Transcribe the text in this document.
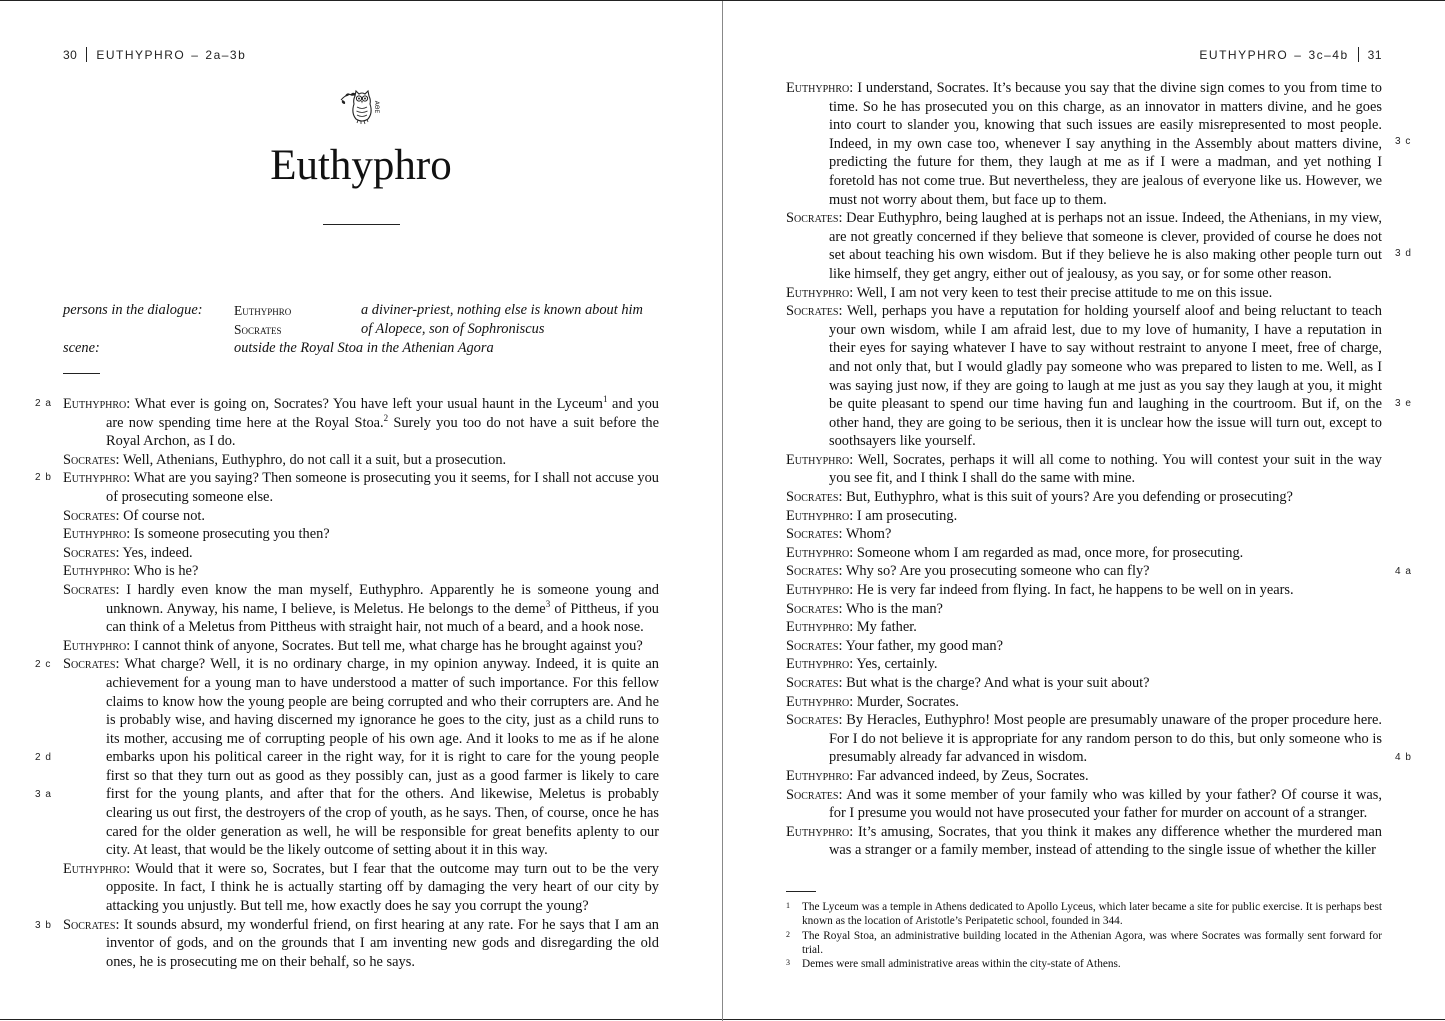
30 EUTHYPHRO – 2a–3b
ΑΘΕ
Euthyphro
persons in the dialogue: Euthyphro	a diviner-priest, nothing else is known about him
Socrates	of Alopece, son of Sophroniscus
scene:	outside the Royal Stoa in the Athenian Agora

Euthyphro: What ever is going on, Socrates? You have left your usual haunt in the Lyceum$^1$ and you are now spending time here at the Royal Stoa.$^2$ Surely you too do not have a suit before the Royal Archon, as I do.

Socrates: Well, Athenians, Euthyphro, do not call it a suit, but a prosecution.

Euthyphro: What are you saying? Then someone is prosecuting you it seems, for I shall not accuse you of prosecuting someone else.

Socrates: Of course not.

Euthyphro: Is someone prosecuting you then?

Socrates: Yes, indeed.

Euthyphro: Who is he?

Socrates: I hardly even know the man myself, Euthyphro. Apparently he is someone young and unknown. Anyway, his name, I believe, is Meletus. He belongs to the deme$^3$ of Pittheus, if you can think of a Meletus from Pittheus with straight hair, not much of a beard, and a hook nose.

Euthyphro: I cannot think of anyone, Socrates. But tell me, what charge has he brought against you?

Socrates: What charge? Well, it is no ordinary charge, in my opinion anyway. Indeed, it is quite an achievement for a young man to have understood a matter of such importance. For this fellow claims to know how the young people are being corrupted and who their corrupters are. And he is probably wise, and having discerned my ignorance he goes to the city, just as a child runs to its mother, accusing me of corrupting people of his own age. And it looks to me as if he alone embarks upon his political career in the right way, for it is right to care for the young people first so that they turn out as good as they possibly can, just as a good farmer is likely to care first for the young plants, and after that for the others. And likewise, Meletus is probably clearing us out first, the destroyers of the crop of youth, as he says. Then, of course, once he has cared for the older generation as well, he will be responsible for great benefits aplenty to our city. At least, that would be the likely outcome of setting about it in this way.

Euthyphro: Would that it were so, Socrates, but I fear that the outcome may turn out to be the very opposite. In fact, I think he is actually starting off by damaging the very heart of our city by attacking you unjustly. But tell me, how exactly does he say you corrupt the young?

Socrates: It sounds absurd, my wonderful friend, on first hearing at any rate. For he says that I am an inventor of gods, and on the grounds that I am inventing new gods and disregarding the old ones, he is prosecuting me on their behalf, so he says.

2 a
2 b
2 c
2 d
3 a
3 b
EUTHYPHRO – 3c–4b 31

Euthyphro: I understand, Socrates. It’s because you say that the divine sign comes to you from time to time. So he has prosecuted you on this charge, as an innovator in matters divine, and he goes into court to slander you, knowing that such issues are easily misrepresented to most people. Indeed, in my own case too, whenever I say anything in the Assembly about matters divine, predicting the future for them, they laugh at me as if I were a madman, and yet nothing I foretold has not come true. But nevertheless, they are jealous of everyone like us. However, we must not worry about them, but face up to them.

Socrates: Dear Euthyphro, being laughed at is perhaps not an issue. Indeed, the Athenians, in my view, are not greatly concerned if they believe that someone is clever, provided of course he does not set about teaching his own wisdom. But if they believe he is also making other people turn out like himself, they get angry, either out of jealousy, as you say, or for some other reason.

Euthyphro: Well, I am not very keen to test their precise attitude to me on this issue.

Socrates: Well, perhaps you have a reputation for holding yourself aloof and being reluctant to teach your own wisdom, while I am afraid lest, due to my love of humanity, I have a reputation in their eyes for saying whatever I have to say without restraint to anyone I meet, free of charge, and not only that, but I would gladly pay someone who was prepared to listen to me. Well, as I was saying just now, if they are going to laugh at me just as you say they laugh at you, it might be quite pleasant to spend our time having fun and laughing in the courtroom. But if, on the other hand, they are going to be serious, then it is unclear how the issue will turn out, except to soothsayers like yourself.

Euthyphro: Well, Socrates, perhaps it will all come to nothing. You will contest your suit in the way you see fit, and I think I shall do the same with mine.

Socrates: But, Euthyphro, what is this suit of yours? Are you defending or prosecuting?

Euthyphro: I am prosecuting.

Socrates: Whom?

Euthyphro: Someone whom I am regarded as mad, once more, for prosecuting.

Socrates: Why so? Are you prosecuting someone who can fly?

Euthyphro: He is very far indeed from flying. In fact, he happens to be well on in years.

Socrates: Who is the man?

Euthyphro: My father.

Socrates: Your father, my good man?

Euthyphro: Yes, certainly.

Socrates: But what is the charge? And what is your suit about?

Euthyphro: Murder, Socrates.

Socrates: By Heracles, Euthyphro! Most people are presumably unaware of the proper procedure here. For I do not believe it is appropriate for any random person to do this, but only someone who is presumably already far advanced in wisdom.

Euthyphro: Far advanced indeed, by Zeus, Socrates.

Socrates: And was it some member of your family who was killed by your father? Of course it was, for I presume you would not have prosecuted your father for murder on account of a stranger.

Euthyphro: It’s amusing, Socrates, that you think it makes any difference whether the murdered man was a stranger or a family member, instead of attending to the single issue of whether the killer

3 c
3 d
3 e
4 a
4 b
1 The Lyceum was a temple in Athens dedicated to Apollo Lyceus, which later became a site for public exercise. It is perhaps best known as the location of Aristotle’s Peripatetic school, founded in 344.
2 The Royal Stoa, an administrative building located in the Athenian Agora, was where Socrates was formally sent forward for trial.
3 Demes were small administrative areas within the city-state of Athens.
